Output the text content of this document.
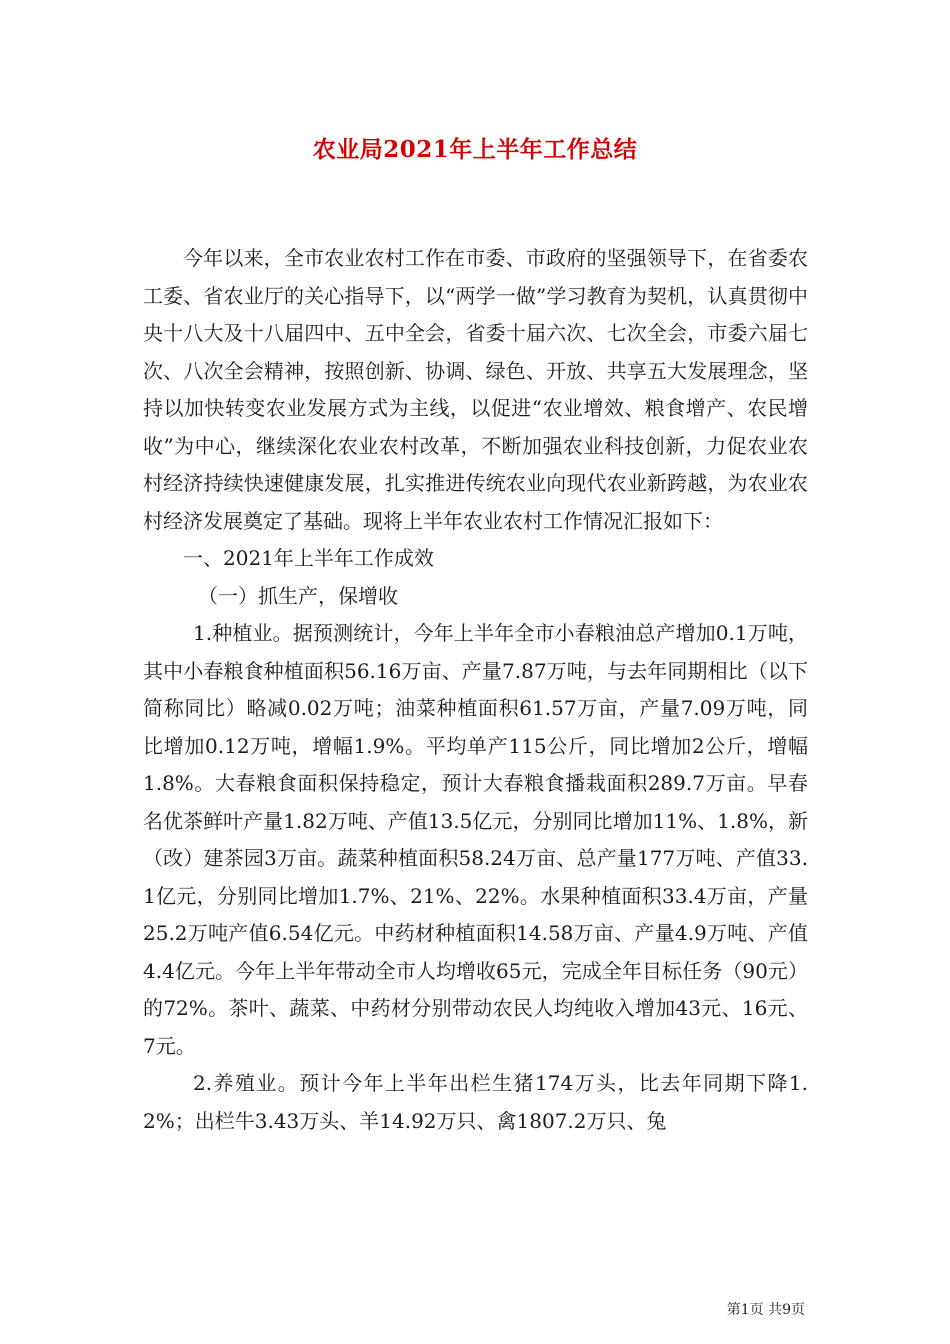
农业局2021年上半年工作总结

今年以来，全市农业农村工作在市委、市政府的坚强领导下，在省委农工委、省农业厅的关心指导下，以“两学一做”学习教育为契机，认真贯彻中央十八大及十八届四中、五中全会，省委十届六次、七次全会，市委六届七次、八次全会精神，按照创新、协调、绿色、开放、共享五大发展理念，坚持以加快转变农业发展方式为主线，以促进“农业增效、粮食增产、农民增收”为中心，继续深化农业农村改革，不断加强农业科技创新，力促农业农村经济持续快速健康发展，扎实推进传统农业向现代农业新跨越，为农业农村经济发展奠定了基础。现将上半年农业农村工作情况汇报如下：

一、2021年上半年工作成效

（一）抓生产，保增收

1.种植业。据预测统计，今年上半年全市小春粮油总产增加0.1万吨，其中小春粮食种植面积56.16万亩、产量7.87万吨，与去年同期相比（以下简称同比）略减0.02万吨；油菜种植面积61.57万亩，产量7.09万吨，同比增加0.12万吨，增幅1.9%。平均单产115公斤，同比增加2公斤，增幅1.8%。大春粮食面积保持稳定，预计大春粮食播栽面积289.7万亩。早春名优茶鲜叶产量1.82万吨、产值13.5亿元，分别同比增加11%、1.8%，新（改）建茶园3万亩。蔬菜种植面积58.24万亩、总产量177万吨、产值33.1亿元，分别同比增加1.7%、21%、22%。水果种植面积33.4万亩，产量25.2万吨产值6.54亿元。中药材种植面积14.58万亩、产量4.9万吨、产值4.4亿元。今年上半年带动全市人均增收65元，完成全年目标任务（90元）的72%。茶叶、蔬菜、中药材分别带动农民人均纯收入增加43元、16元、7元。

2.养殖业。预计今年上半年出栏生猪174万头，比去年同期下降1.2%；出栏牛3.43万头、羊14.92万只、禽1807.2万只、兔

第1页 共9页
